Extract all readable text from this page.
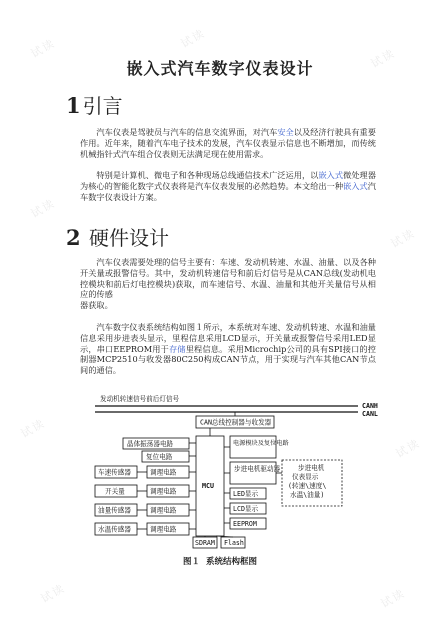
试读	试读
试读
试读
试读
试读
试读
试读	试读
嵌入式汽车数字仪表设计
1 引言
汽车仪表是驾驶员与汽车的信息交流界面，对汽车安全以及经济行驶具有重要作用。近年来，随着汽车电子技术的发展，汽车仪表显示信息也不断增加，而传统机械指针式汽车组合仪表则无法满足现在使用需求。
特别是计算机、微电子和各种现场总线通信技术广泛运用，以嵌入式微处理器为核心的智能化数字式仪表将是汽车仪表发展的必然趋势。本文给出一种嵌入式汽车数字仪表设计方案。
2 硬件设计
汽车仪表需要处理的信号主要有：车速、发动机转速、水温、油量、以及各种开关量或报警信号。其中，发动机转速信号和前后灯信号是从CAN总线(发动机电控模块和前后灯电控模块)获取，而车速信号、水温、油量和其他开关量信号从相应的传感
器获取。
汽车数字仪表系统结构如图１所示，本系统对车速、发动机转速、水温和油量信息采用步进表头显示，里程信息采用LCD显示，开关量或报警信号采用LED显示，串口EEPROM用于存储里程信息。采用Microchip公司的具有SPI接口的控制器MCP2510与收发器80C250构成CAN节点，用于实现与汽车其他CAN节点间的通信。
发动机转速信号前后灯信号
CANH
CANL
CAN总线控制器与收发器
MCU
晶体振荡器电路
复位电路
车速传感器	调理电路
开关量	调理电路
油量传感器	调理电路
水温传感器	调理电路
电源模块及复位电路
步进电机驱动器
LED显示
LCD显示
EEPROM
步进电机
仪表显示
(转速\速度\
水温\油量)
SDRAM Flash
图１ 系统结构框图
